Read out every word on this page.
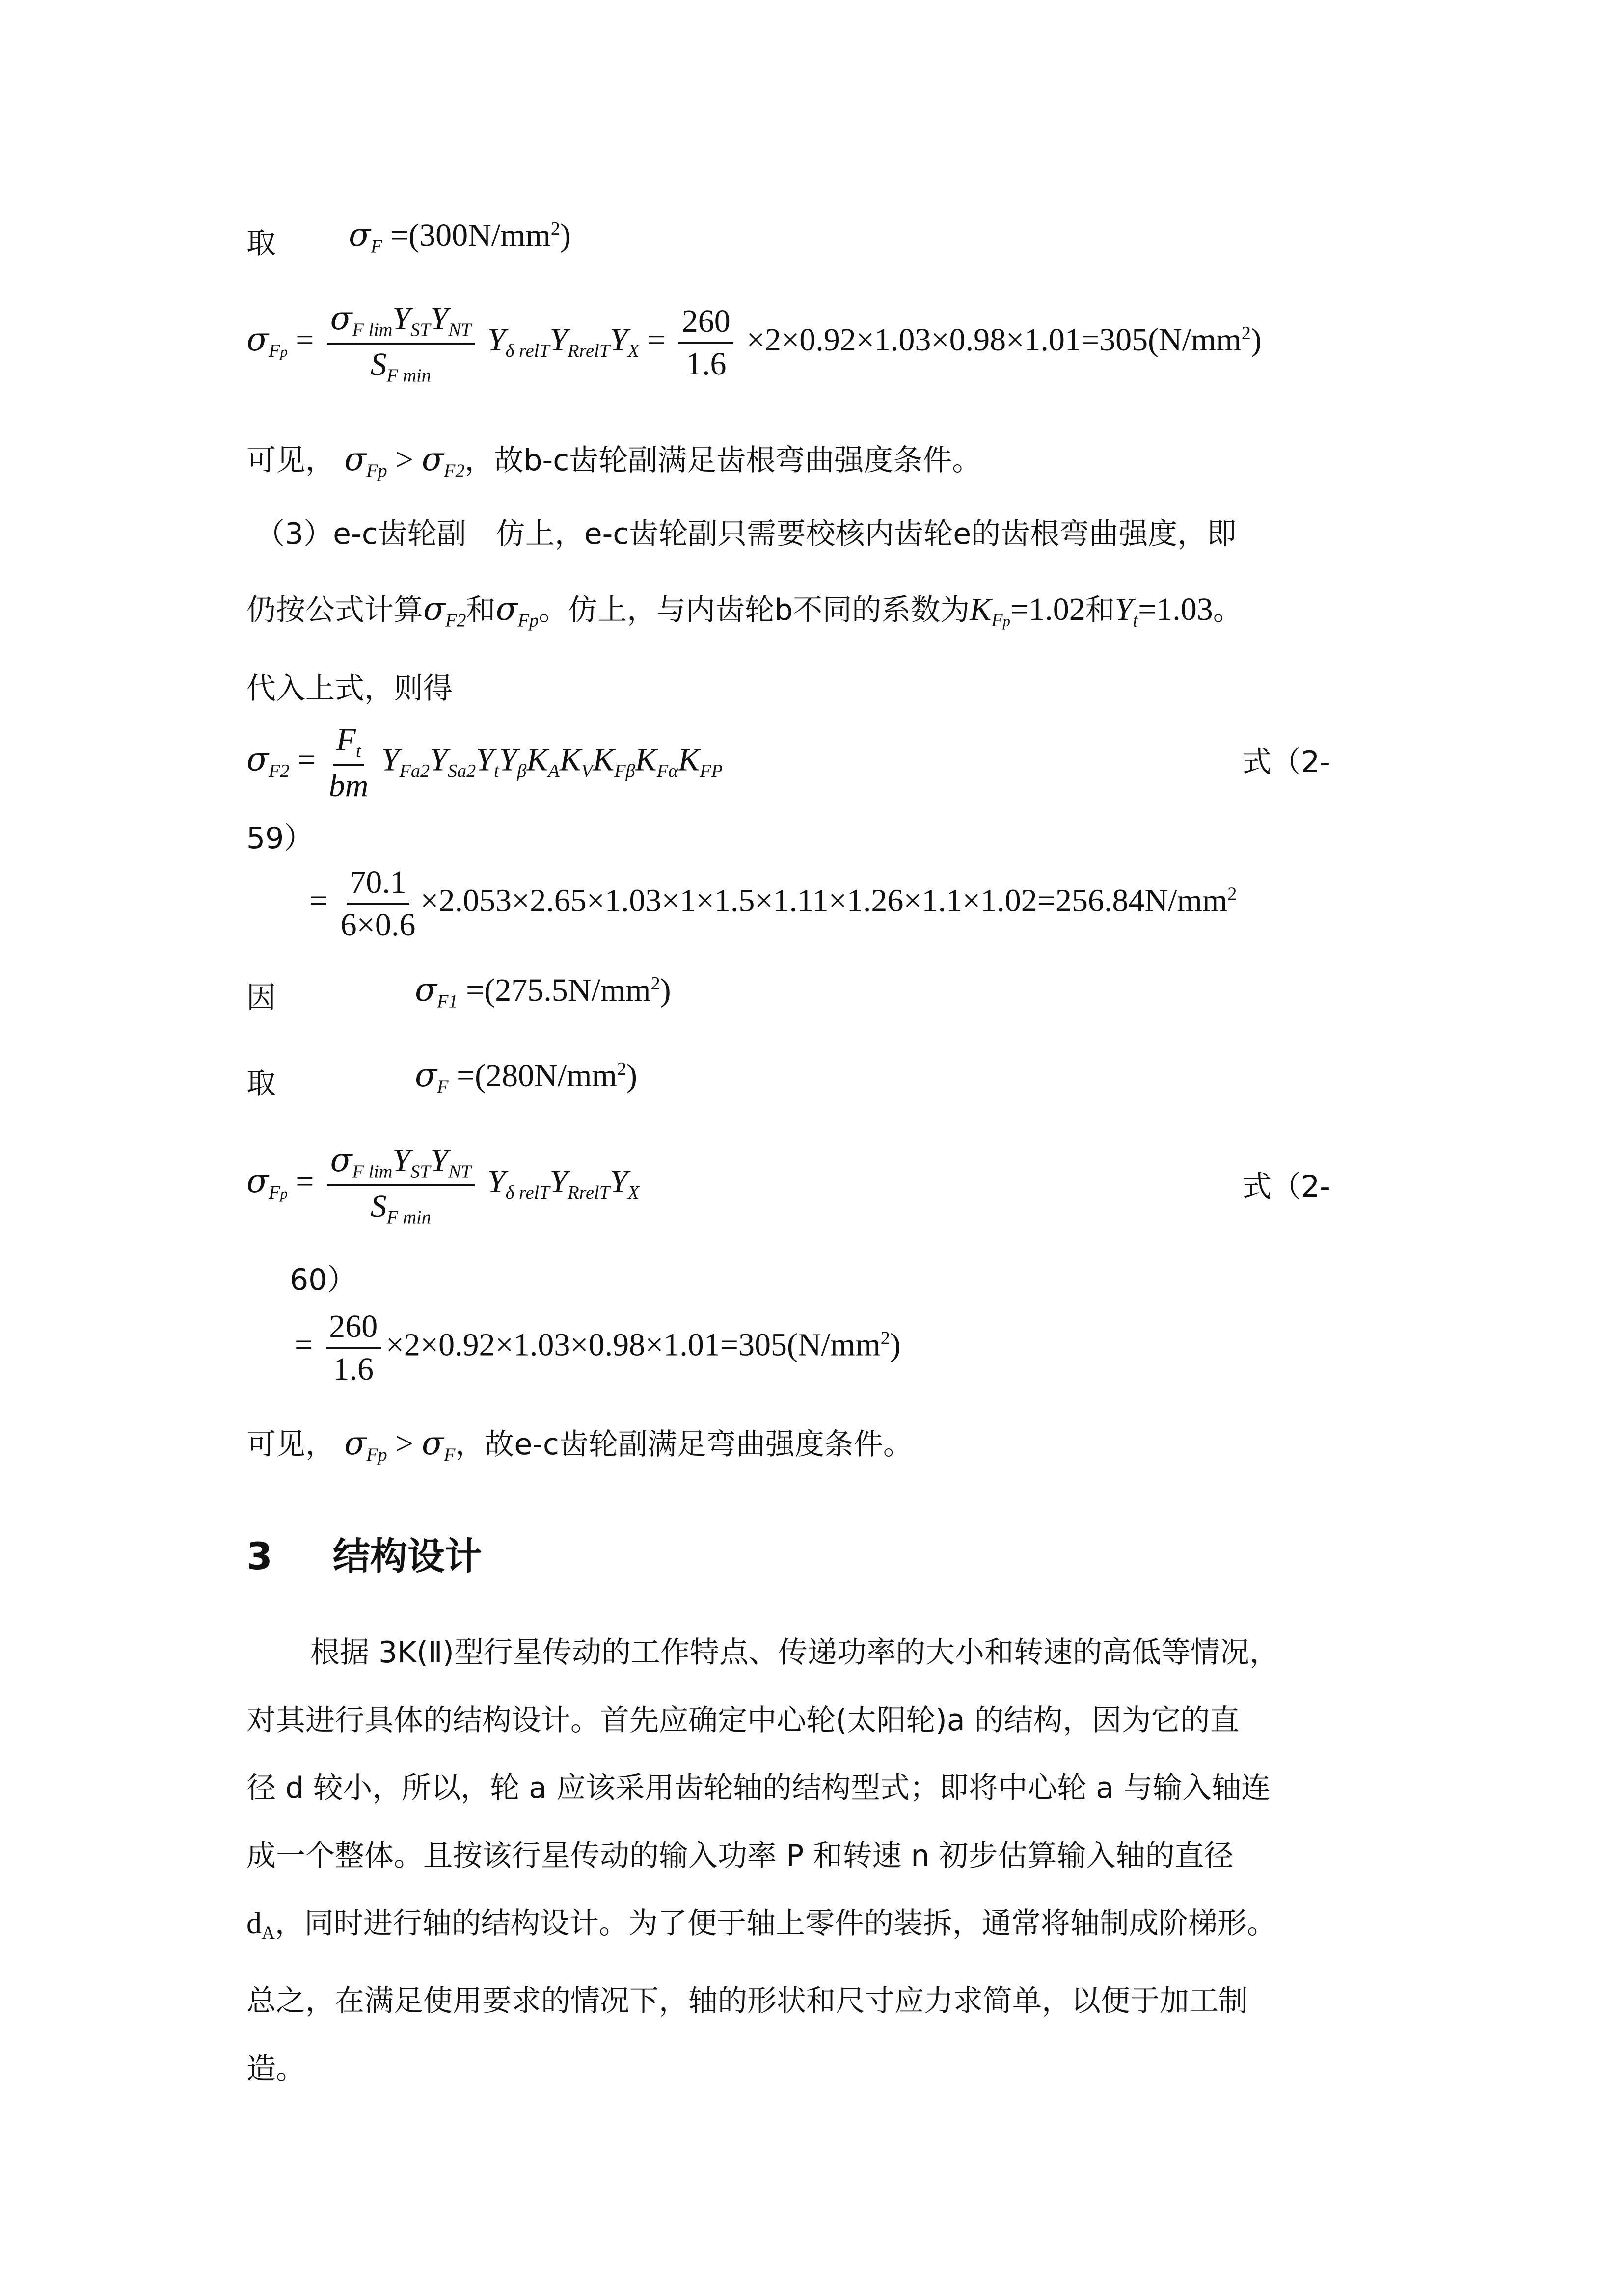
取 $\sigma_F =(300N/mm^2)$
$\sigma_{Fp} = \frac{\sigma_{F lim}Y_{ST}Y_{NT}}{S_{F min}} Y_{\delta relT}Y_{RrelT}Y_X = \frac{260}{1.6} \times 2\times 0.92\times 1.03\times 0.98\times 1.01=305(N/mm^2)$
可见， $\sigma_{Fp} > \sigma_{F2}$，故b-c齿轮副满足齿根弯曲强度条件。
（3）e-c齿轮副　仿上，e-c齿轮副只需要校核内齿轮e的齿根弯曲强度，即
仍按公式计算$\sigma_{F2}$和$\sigma_{Fp}$。仿上，与内齿轮b不同的系数为$K_{Fp}=1.02$和$Y_t=1.03$。
代入上式，则得
$\sigma_{F2} = \frac{F_t}{bm} Y_{Fa2}Y_{Sa2}Y_tY_\beta K_AK_VK_{F\beta}K_{F\alpha}K_{FP}$	式（2-
59）
= $\frac{70.1}{6\times 0.6} \times 2.053\times 2.65\times 1.03\times 1\times 1.5\times 1.11\times 1.26\times 1.1\times 1.02=256.84N/mm^2$
因	$\sigma_{F1} =(275.5N/mm^2)$
取	$\sigma_F =(280N/mm^2)$
$\sigma_{Fp} = \frac{\sigma_{F lim}Y_{ST}Y_{NT}}{S_{F min}} Y_{\delta relT}Y_{RrelT}Y_X$	式（2-
60）
= $\frac{260}{1.6} \times 2\times 0.92\times 1.03\times 0.98\times 1.01=305(N/mm^2)$
可见， $\sigma_{Fp} > \sigma_F$，故e-c齿轮副满足弯曲强度条件。
3 结构设计

根据 3K(Ⅱ)型行星传动的工作特点、传递功率的大小和转速的高低等情况，

对其进行具体的结构设计。首先应确定中心轮(太阳轮)a 的结构，因为它的直

径 d 较小，所以，轮 a 应该采用齿轮轴的结构型式；即将中心轮 a 与输入轴连

成一个整体。且按该行星传动的输入功率 P 和转速 n 初步估算输入轴的直径

dA，同时进行轴的结构设计。为了便于轴上零件的装拆，通常将轴制成阶梯形。

总之，在满足使用要求的情况下，轴的形状和尺寸应力求简单，以便于加工制

造。
